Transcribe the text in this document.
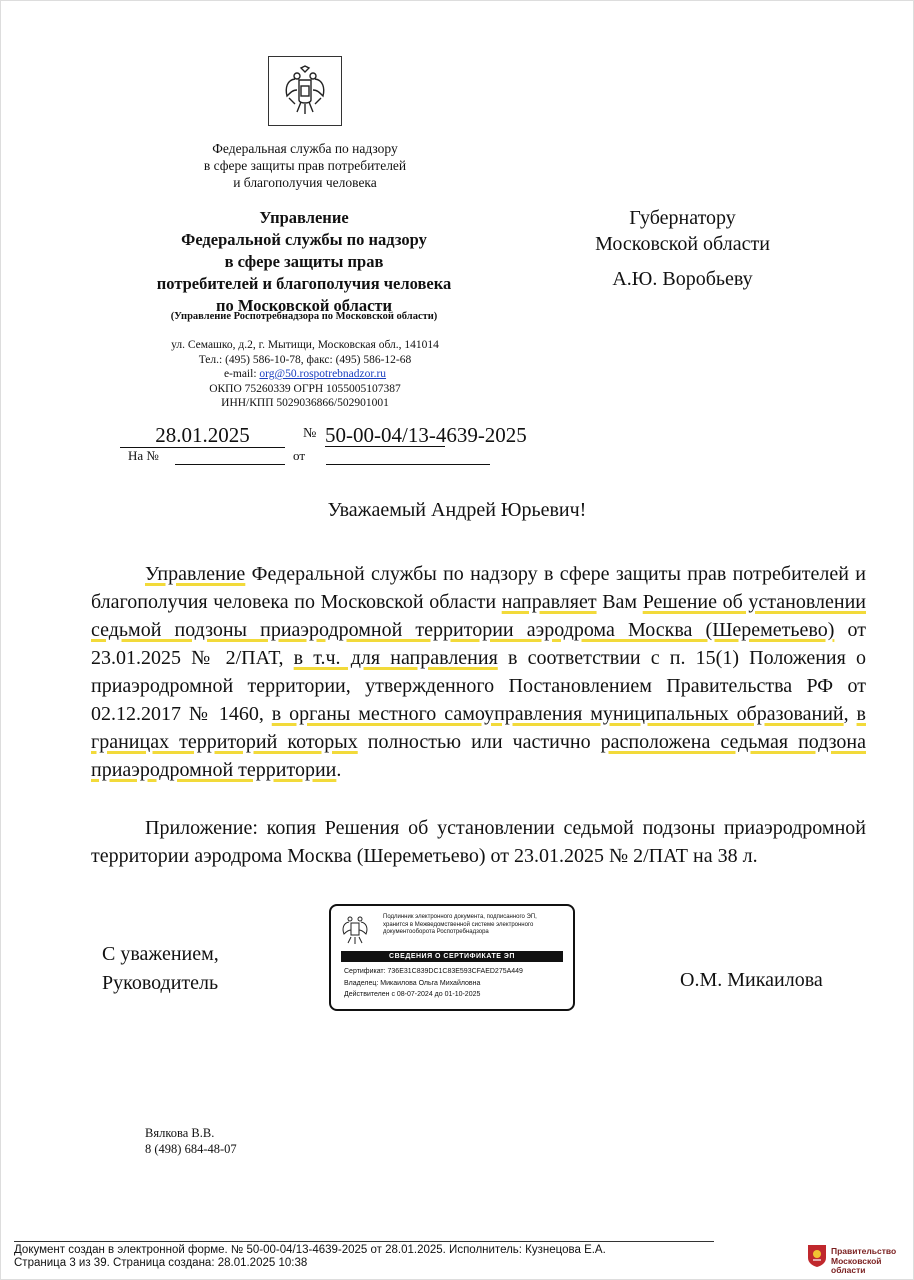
Федеральная служба по надзору
в сфере защиты прав потребителей
и благополучия человека
Управление
Федеральной службы по надзору
в сфере защиты прав
потребителей и благополучия человека
по Московской области
(Управление Роспотребнадзора по Московской области)
ул. Семашко, д.2, г. Мытищи, Московская обл., 141014
Тел.: (495) 586-10-78, факс: (495) 586-12-68
e-mail: org@50.rospotrebnadzor.ru
ОКПО 75260339 ОГРН 1055005107387
ИНН/КПП 5029036866/502901001
Губернатору
Московской области
А.Ю. Воробьеву
28.01.2025	№ 50-00-04/13-4639-2025
На №	от
Уважаемый Андрей Юрьевич!

Управление Федеральной службы по надзору в сфере защиты прав потребителей и благополучия человека по Московской области направляет Вам Решение об установлении седьмой подзоны приаэродромной территории аэродрома Москва (Шереметьево) от 23.01.2025 № 2/ПАТ, в т.ч. для направления в соответствии с п. 15(1) Положения о приаэродромной территории, утвержденного Постановлением Правительства РФ от 02.12.2017 № 1460, в органы местного самоуправления муниципальных образований, в границах территорий которых полностью или частично расположена седьмая подзона приаэродромной территории.

Приложение: копия Решения об установлении седьмой подзоны приаэродромной территории аэродрома Москва (Шереметьево) от 23.01.2025 № 2/ПАТ на 38 л.

С уважением,
Руководитель	О.М. Микаилова
Подлинник электронного документа, подписанного ЭП,
хранится в Межведомственной системе электронного
документооборота Роспотребнадзора
СВЕДЕНИЯ О СЕРТИФИКАТЕ ЭП
Сертификат: 736E31C839DC1C83E593CFAED275A449
Владелец: Микаилова Ольга Михайловна
Действителен с 08-07-2024 до 01-10-2025
Вялкова В.В.
8 (498) 684-48-07
Документ создан в электронной форме. № 50-00-04/13-4639-2025 от 28.01.2025. Исполнитель: Кузнецова Е.А.
Страница 3 из 39. Страница создана: 28.01.2025 10:38
Правительство
Московской области
